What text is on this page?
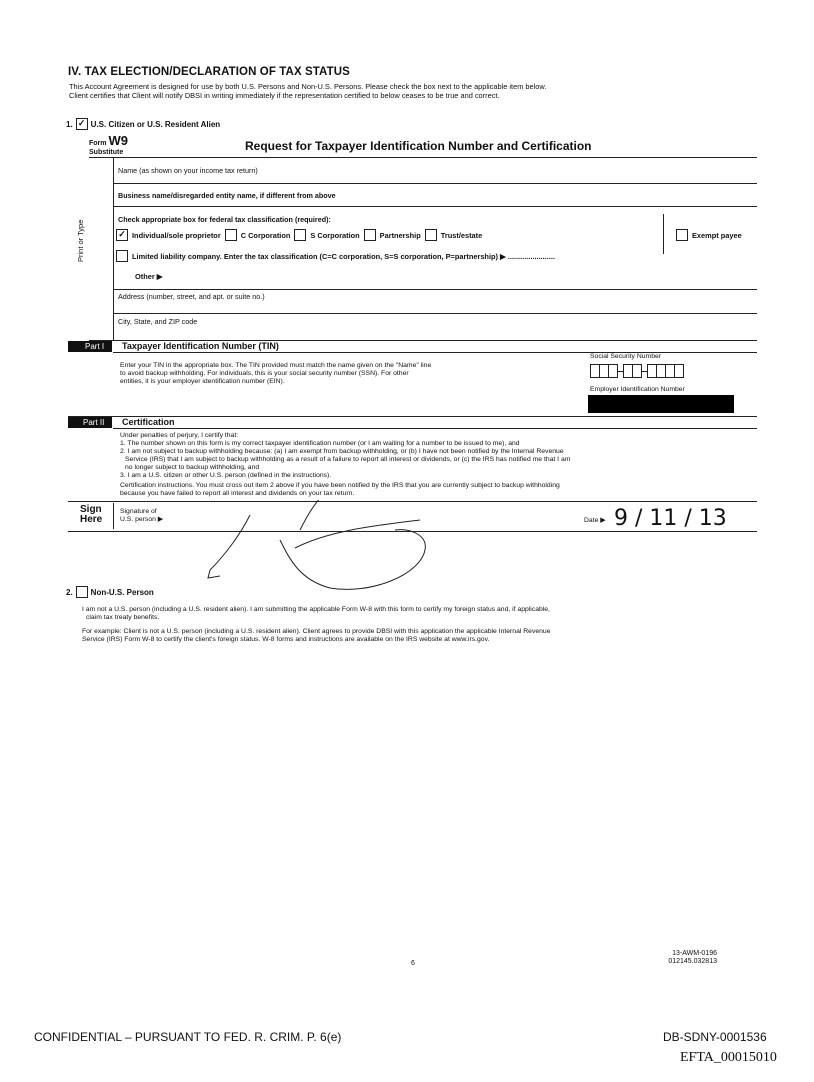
IV. TAX ELECTION/DECLARATION OF TAX STATUS
This Account Agreement is designed for use by both U.S. Persons and Non-U.S. Persons. Please check the box next to the applicable item below.
Client certifies that Client will notify DBSI in writing immediately if the representation certified to below ceases to be true and correct.
1. ✓ U.S. Citizen or U.S. Resident Alien
Form W9
Substitute	Request for Taxpayer Identification Number and Certification
Print or Type
Name (as shown on your income tax return)
Business name/disregarded entity name, if different from above
Check appropriate box for federal tax classification (required):
✓ Individual/sole proprietor	C Corporation	S Corporation	Partnership	Trust/estate	Exempt payee
Limited liability company. Enter the tax classification (C=C corporation, S=S corporation, P=partnership) ▶ .......................
Other ▶
Address (number, street, and apt. or suite no.)
City, State, and ZIP code
Part I	Taxpayer Identification Number (TIN)
Enter your TIN in the appropriate box. The TIN provided must match the name given on the "Name" line
to avoid backup withholding. For individuals, this is your social security number (SSN). For other
entities, it is your employer identification number (EIN).
Social Security Number
Employer Identification Number
Part II	Certification
Under penalties of perjury, I certify that:
1. The number shown on this form is my correct taxpayer identification number (or I am waiting for a number to be issued to me), and
2. I am not subject to backup withholding because: (a) I am exempt from backup withholding, or (b) I have not been notified by the Internal Revenue
Service (IRS) that I am subject to backup withholding as a result of a failure to report all interest or dividends, or (c) the IRS has notified me that I am
no longer subject to backup withholding, and
3. I am a U.S. citizen or other U.S. person (defined in the instructions).
Certification instructions. You must cross out item 2 above if you have been notified by the IRS that you are currently subject to backup withholding
because you have failed to report all interest and dividends on your tax return.
Sign
Here
Signature of
U.S. person ▶	Date ▶ 9 / 11 / 13
2. Non-U.S. Person
I am not a U.S. person (including a U.S. resident alien). I am submitting the applicable Form W-8 with this form to certify my foreign status and, if applicable,
claim tax treaty benefits.
For example: Client is not a U.S. person (including a U.S. resident alien). Client agrees to provide DBSI with this application the applicable Internal Revenue
Service (IRS) Form W-8 to certify the client's foreign status. W-8 forms and instructions are available on the IRS website at www.irs.gov.
6
13-AWM-0196
012145.032813
CONFIDENTIAL – PURSUANT TO FED. R. CRIM. P. 6(e)	DB-SDNY-0001536
EFTA_00015010
